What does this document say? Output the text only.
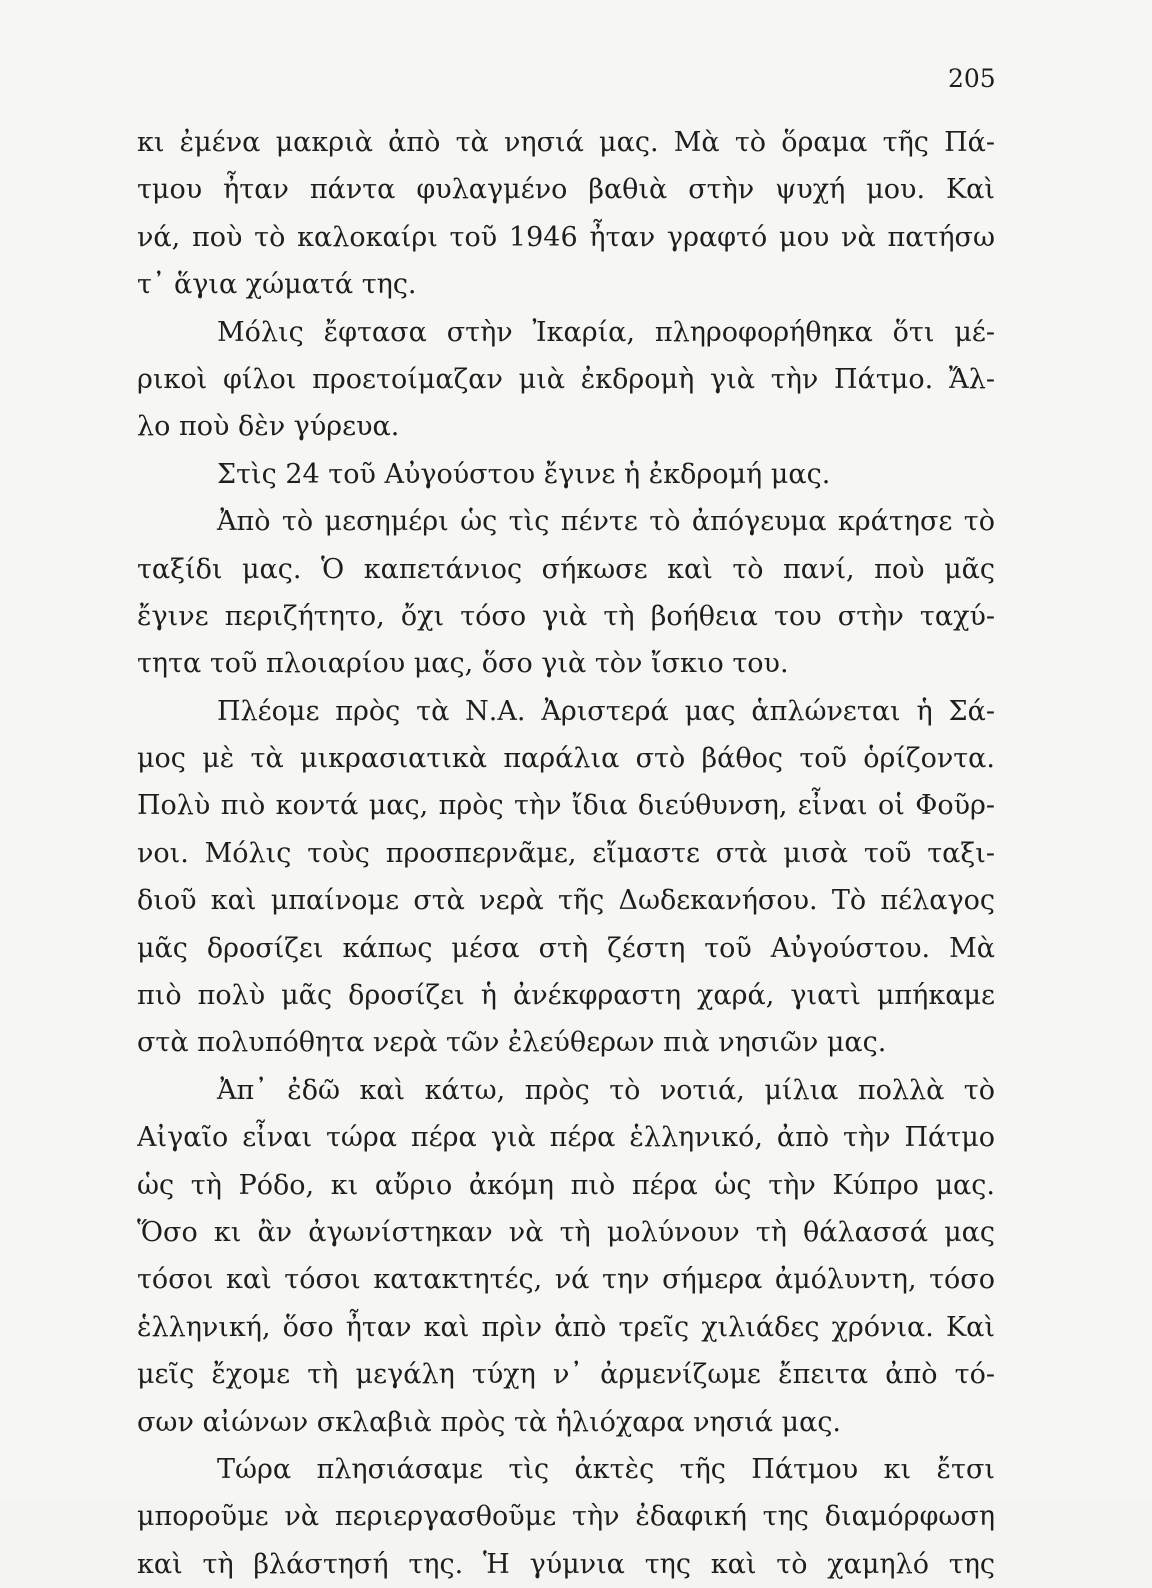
205
κι ἐμένα μακριὰ ἀπὸ τὰ νησιά μας. Μὰ τὸ ὅραμα τῆς Πά-
τμου ἦταν πάντα φυλαγμένο βαθιὰ στὴν ψυχή μου. Καὶ
νά, ποὺ τὸ καλοκαίρι τοῦ 1946 ἦταν γραφτό μου νὰ πατήσω
τ᾽ ἅγια χώματά της.
Μόλις ἔφτασα στὴν Ἰκαρία, πληροφορήθηκα ὅτι μέ-
ρικοὶ φίλοι προετοίμαζαν μιὰ ἐκδρομὴ γιὰ τὴν Πάτμο. Ἄλ-
λο ποὺ δὲν γύρευα.
Στὶς 24 τοῦ Αὐγούστου ἔγινε ἡ ἐκδρομή μας.
Ἀπὸ τὸ μεσημέρι ὡς τὶς πέντε τὸ ἀπόγευμα κράτησε τὸ
ταξίδι μας. Ὁ καπετάνιος σήκωσε καὶ τὸ πανί, ποὺ μᾶς
ἔγινε περιζήτητο, ὄχι τόσο γιὰ τὴ βοήθεια του στὴν ταχύ-
τητα τοῦ πλοιαρίου μας, ὅσο γιὰ τὸν ἴσκιο του.
Πλέομε πρὸς τὰ Ν.Α. Ἀριστερά μας ἁπλώνεται ἡ Σά-
μος μὲ τὰ μικρασιατικὰ παράλια στὸ βάθος τοῦ ὁρίζοντα.
Πολὺ πιὸ κοντά μας, πρὸς τὴν ἴδια διεύθυνση, εἶναι οἱ Φοῦρ-
νοι. Μόλις τοὺς προσπερνᾶμε, εἴμαστε στὰ μισὰ τοῦ ταξι-
διοῦ καὶ μπαίνομε στὰ νερὰ τῆς Δωδεκανήσου. Τὸ πέλαγος
μᾶς δροσίζει κάπως μέσα στὴ ζέστη τοῦ Αὐγούστου. Μὰ
πιὸ πολὺ μᾶς δροσίζει ἡ ἀνέκφραστη χαρά, γιατὶ μπήκαμε
στὰ πολυπόθητα νερὰ τῶν ἐλεύθερων πιὰ νησιῶν μας.
Ἀπ᾽ ἐδῶ καὶ κάτω, πρὸς τὸ νοτιά, μίλια πολλὰ τὸ
Αἰγαῖο εἶναι τώρα πέρα γιὰ πέρα ἑλληνικό, ἀπὸ τὴν Πάτμο
ὡς τὴ Ρόδο, κι αὔριο ἀκόμη πιὸ πέρα ὡς τὴν Κύπρο μας.
Ὅσο κι ἂν ἀγωνίστηκαν νὰ τὴ μολύνουν τὴ θάλασσά μας
τόσοι καὶ τόσοι κατακτητές, νά την σήμερα ἀμόλυντη, τόσο
ἑλληνική, ὅσο ἦταν καὶ πρὶν ἀπὸ τρεῖς χιλιάδες χρόνια. Καὶ
μεῖς ἔχομε τὴ μεγάλη τύχη ν᾽ ἀρμενίζωμε ἔπειτα ἀπὸ τό-
σων αἰώνων σκλαβιὰ πρὸς τὰ ἡλιόχαρα νησιά μας.
Τώρα πλησιάσαμε τὶς ἀκτὲς τῆς Πάτμου κι ἔτσι
μποροῦμε νὰ περιεργασθοῦμε τὴν ἐδαφική της διαμόρφωση
καὶ τὴ βλάστησή της. Ἡ γύμνια της καὶ τὸ χαμηλό της
